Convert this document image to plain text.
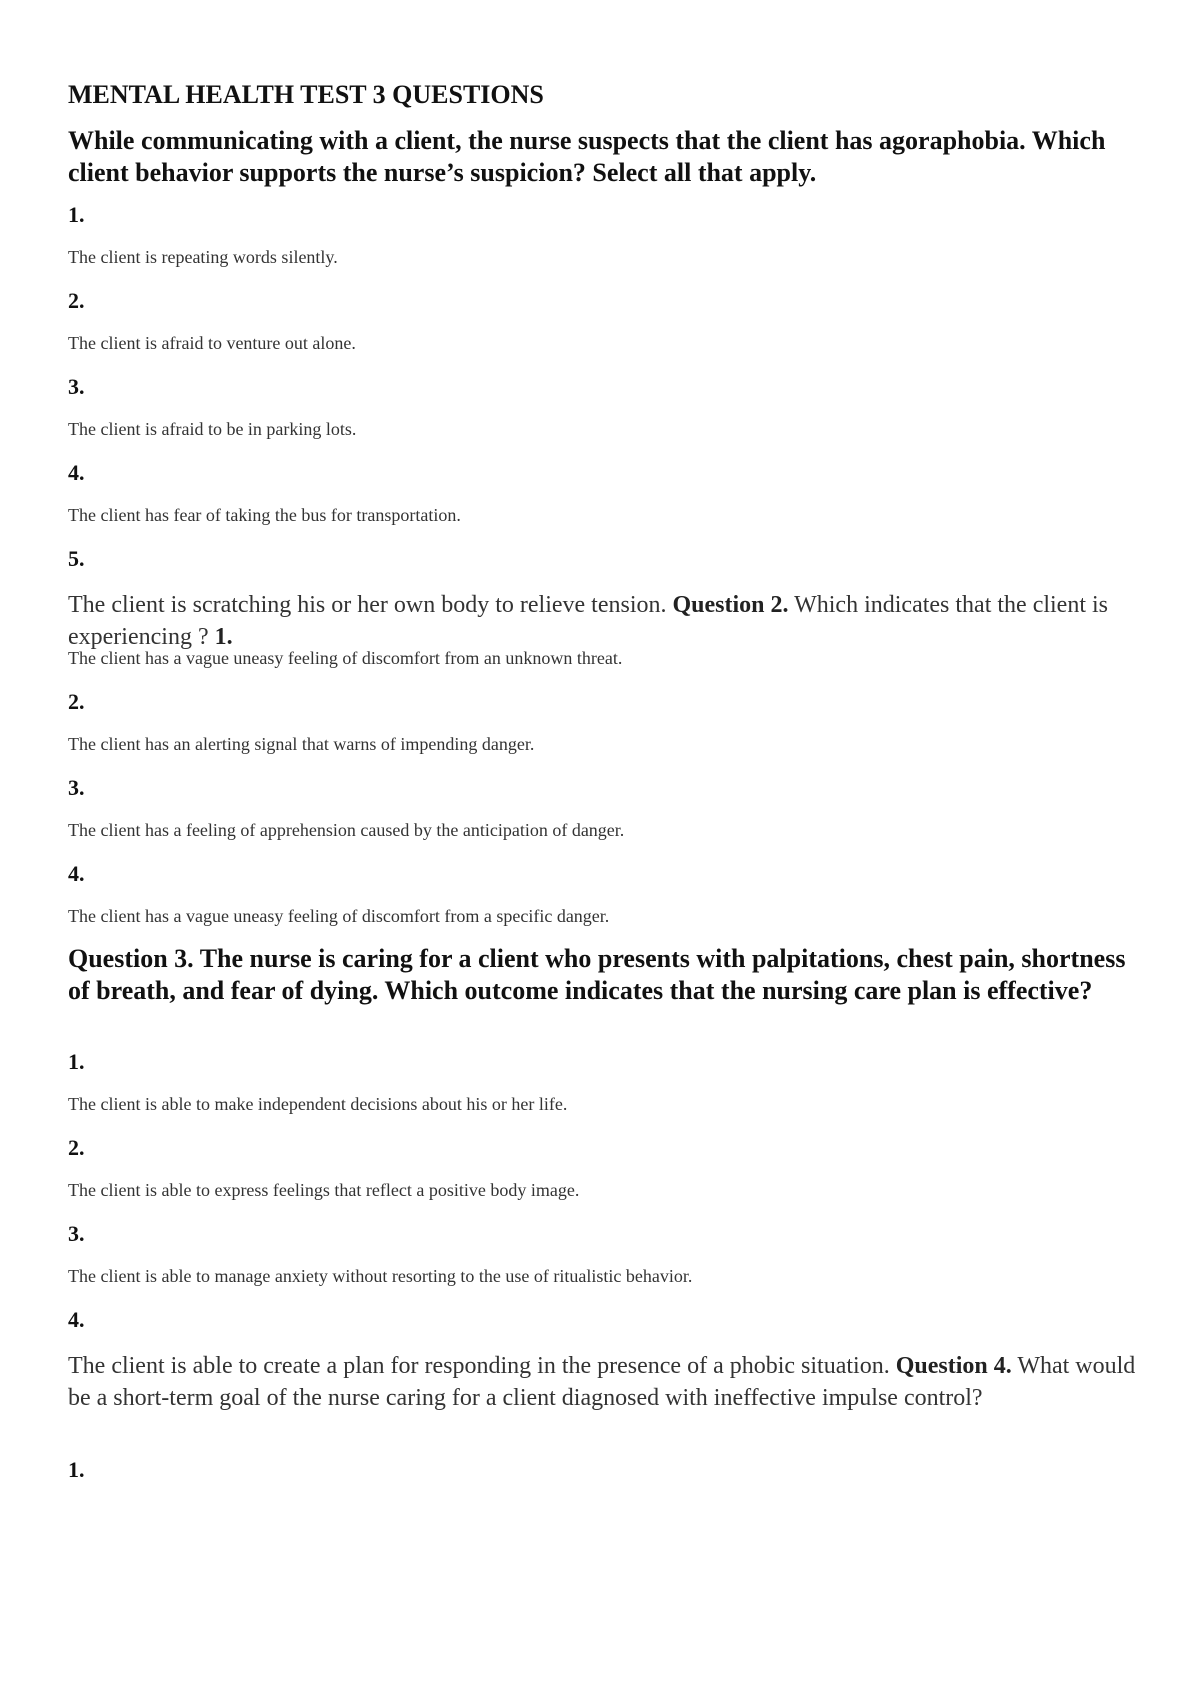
MENTAL HEALTH TEST 3 QUESTIONS
While communicating with a client, the nurse suspects that the client has agoraphobia. Which client behavior supports the nurse’s suspicion? Select all that apply.
1.
The client is repeating words silently.
2.
The client is afraid to venture out alone.
3.
The client is afraid to be in parking lots.
4.
The client has fear of taking the bus for transportation.
5.
The client is scratching his or her own body to relieve tension. Question 2. Which indicates that the client is experiencing ? 1.
The client has a vague uneasy feeling of discomfort from an unknown threat.
2.
The client has an alerting signal that warns of impending danger.
3.
The client has a feeling of apprehension caused by the anticipation of danger.
4.
The client has a vague uneasy feeling of discomfort from a specific danger.
Question 3. The nurse is caring for a client who presents with palpitations, chest pain, shortness of breath, and fear of dying. Which outcome indicates that the nursing care plan is effective?
1.
The client is able to make independent decisions about his or her life.
2.
The client is able to express feelings that reflect a positive body image.
3.
The client is able to manage anxiety without resorting to the use of ritualistic behavior.
4.
The client is able to create a plan for responding in the presence of a phobic situation. Question 4. What would be a short-term goal of the nurse caring for a client diagnosed with ineffective impulse control?
1.
